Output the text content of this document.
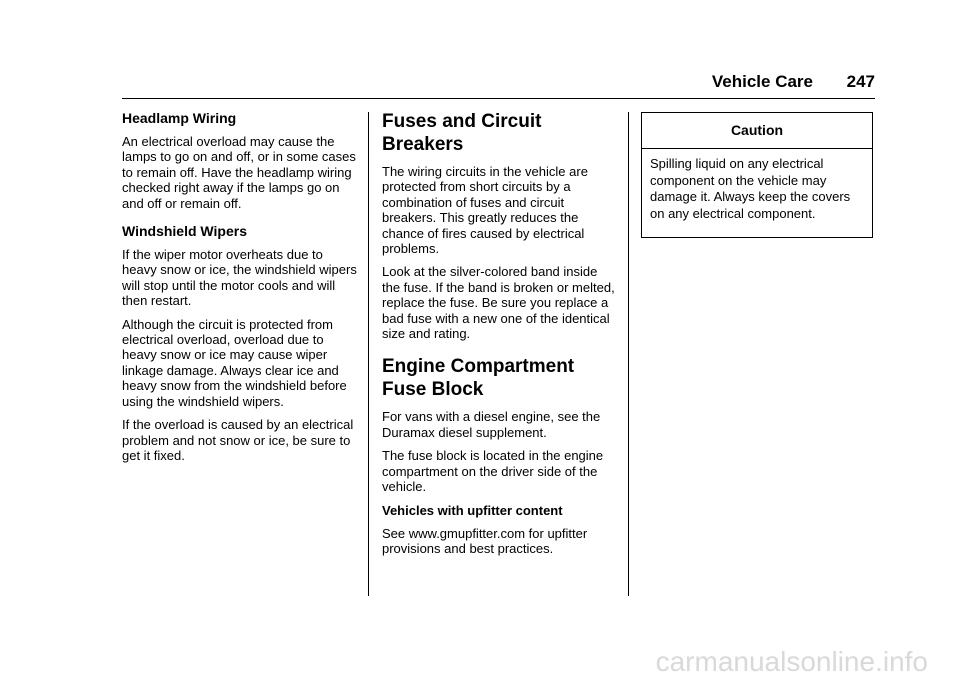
Vehicle Care 247
Headlamp Wiring

An electrical overload may cause the lamps to go on and off, or in some cases to remain off. Have the headlamp wiring checked right away if the lamps go on and off or remain off.

Windshield Wipers

If the wiper motor overheats due to heavy snow or ice, the windshield wipers will stop until the motor cools and will then restart.

Although the circuit is protected from electrical overload, overload due to heavy snow or ice may cause wiper linkage damage. Always clear ice and heavy snow from the windshield before using the windshield wipers.

If the overload is caused by an electrical problem and not snow or ice, be sure to get it fixed.

Fuses and Circuit Breakers

The wiring circuits in the vehicle are protected from short circuits by a combination of fuses and circuit breakers. This greatly reduces the chance of fires caused by electrical problems.

Look at the silver-colored band inside the fuse. If the band is broken or melted, replace the fuse. Be sure you replace a bad fuse with a new one of the identical size and rating.

Engine Compartment Fuse Block

For vans with a diesel engine, see the Duramax diesel supplement.

The fuse block is located in the engine compartment on the driver side of the vehicle.

Vehicles with upfitter content

See www.gmupfitter.com for upfitter provisions and best practices.

Caution
Spilling liquid on any electrical component on the vehicle may damage it. Always keep the covers on any electrical component.
carmanualsonline.info
